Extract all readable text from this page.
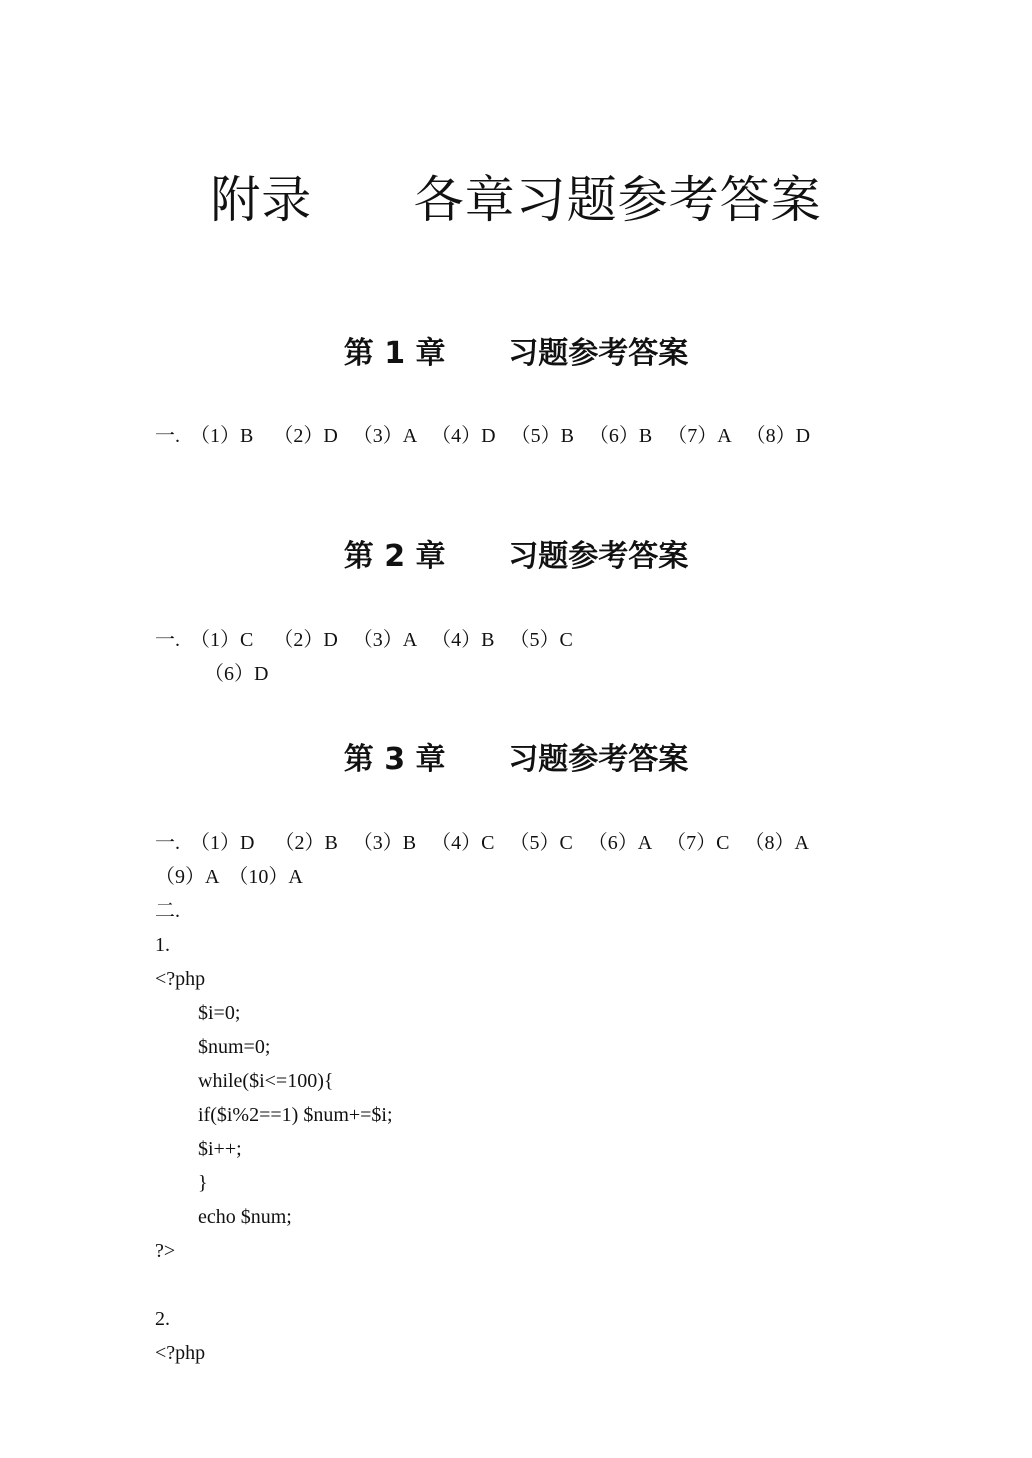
附录      各章习题参考答案
第 1 章      习题参考答案
一.  （1）B    （2）D   （3）A   （4）D   （5）B   （6）B   （7）A   （8）D
第 2 章      习题参考答案
一.  （1）C    （2）D   （3）A   （4）B   （5）C
（6）D
第 3 章      习题参考答案
一.  （1）D    （2）B   （3）B   （4）C   （5）C   （6）A   （7）C   （8）A
（9）A  （10）A
二.
1.
<?php
$i=0;
$num=0;
while($i<=100){
if($i%2==1) $num+=$i;
$i++;
}
echo $num;
?>
2.
<?php
